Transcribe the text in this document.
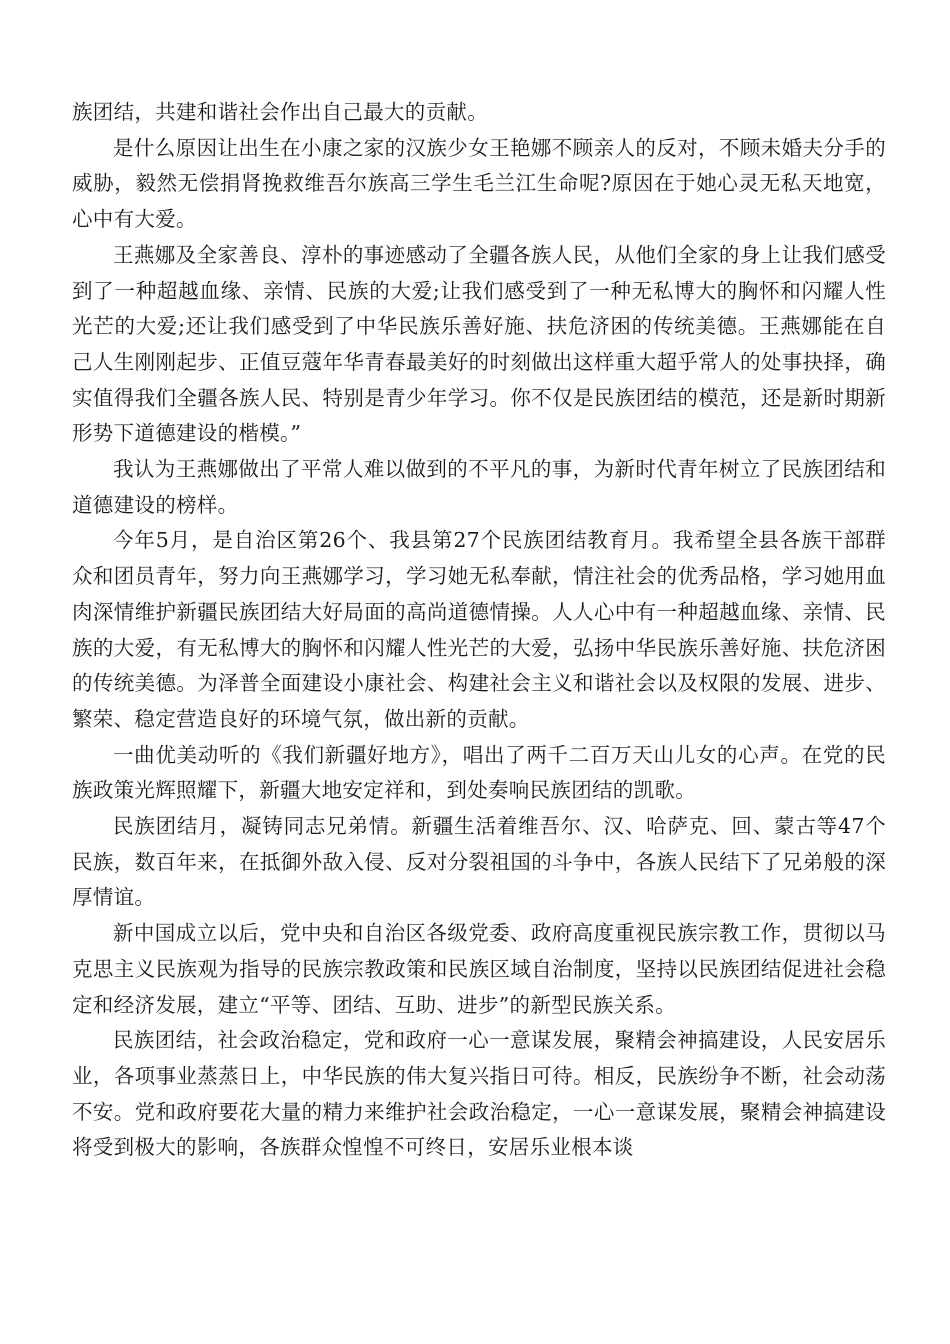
族团结，共建和谐社会作出自己最大的贡献。

是什么原因让出生在小康之家的汉族少女王艳娜不顾亲人的反对，不顾未婚夫分手的威胁，毅然无偿捐肾挽救维吾尔族高三学生毛兰江生命呢?原因在于她心灵无私天地宽，心中有大爱。

王燕娜及全家善良、淳朴的事迹感动了全疆各族人民，从他们全家的身上让我们感受到了一种超越血缘、亲情、民族的大爱;让我们感受到了一种无私博大的胸怀和闪耀人性光芒的大爱;还让我们感受到了中华民族乐善好施、扶危济困的传统美德。王燕娜能在自己人生刚刚起步、正值豆蔻年华青春最美好的时刻做出这样重大超乎常人的处事抉择，确实值得我们全疆各族人民、特别是青少年学习。你不仅是民族团结的模范，还是新时期新形势下道德建设的楷模。”

我认为王燕娜做出了平常人难以做到的不平凡的事，为新时代青年树立了民族团结和道德建设的榜样。

今年5月，是自治区第26个、我县第27个民族团结教育月。我希望全县各族干部群众和团员青年，努力向王燕娜学习，学习她无私奉献，情注社会的优秀品格，学习她用血肉深情维护新疆民族团结大好局面的高尚道德情操。人人心中有一种超越血缘、亲情、民族的大爱，有无私博大的胸怀和闪耀人性光芒的大爱，弘扬中华民族乐善好施、扶危济困的传统美德。为泽普全面建设小康社会、构建社会主义和谐社会以及权限的发展、进步、繁荣、稳定营造良好的环境气氛，做出新的贡献。

一曲优美动听的《我们新疆好地方》，唱出了两千二百万天山儿女的心声。在党的民族政策光辉照耀下，新疆大地安定祥和，到处奏响民族团结的凯歌。

民族团结月，凝铸同志兄弟情。新疆生活着维吾尔、汉、哈萨克、回、蒙古等47个民族，数百年来，在抵御外敌入侵、反对分裂祖国的斗争中，各族人民结下了兄弟般的深厚情谊。

新中国成立以后，党中央和自治区各级党委、政府高度重视民族宗教工作，贯彻以马克思主义民族观为指导的民族宗教政策和民族区域自治制度，坚持以民族团结促进社会稳定和经济发展，建立“平等、团结、互助、进步”的新型民族关系。

民族团结，社会政治稳定，党和政府一心一意谋发展，聚精会神搞建设，人民安居乐业，各项事业蒸蒸日上，中华民族的伟大复兴指日可待。相反，民族纷争不断，社会动荡不安。党和政府要花大量的精力来维护社会政治稳定，一心一意谋发展，聚精会神搞建设将受到极大的影响，各族群众惶惶不可终日，安居乐业根本谈
